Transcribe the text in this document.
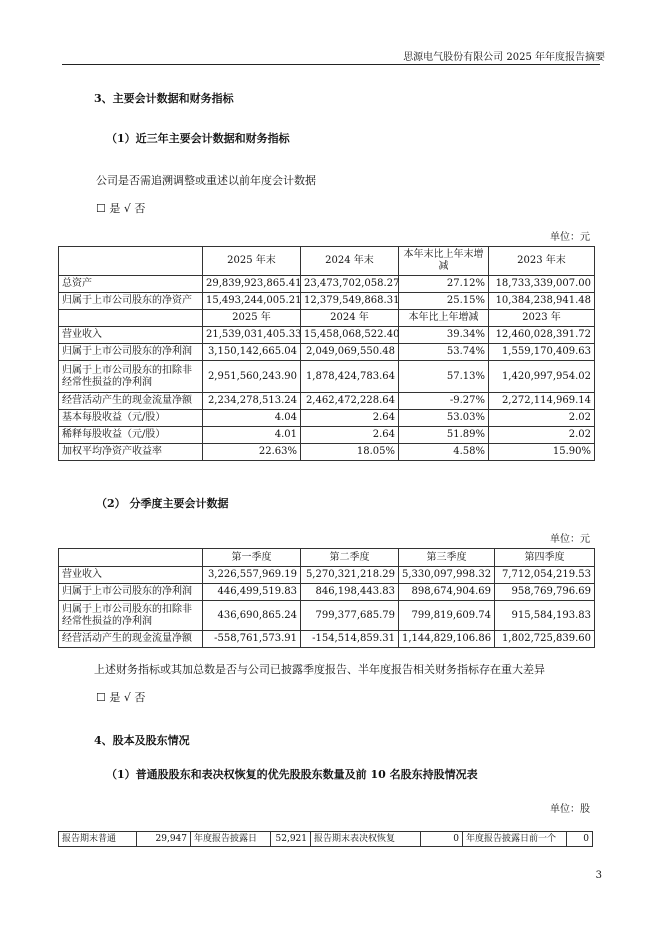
思源电气股份有限公司 2025 年年度报告摘要
3、主要会计数据和财务指标
（1）近三年主要会计数据和财务指标
公司是否需追溯调整或重述以前年度会计数据
☐ 是 √ 否
单位：元
	2025 年末	2024 年末	本年末比上年末增减	2023 年末
总资产	29,839,923,865.41	23,473,702,058.27	27.12%	18,733,339,007.00
归属于上市公司股东的净资产	15,493,244,005.21	12,379,549,868.31	25.15%	10,384,238,941.48
	2025 年	2024 年	本年比上年增减	2023 年
营业收入	21,539,031,405.33	15,458,068,522.40	39.34%	12,460,028,391.72
归属于上市公司股东的净利润	3,150,142,665.04	2,049,069,550.48	53.74%	1,559,170,409.63
归属于上市公司股东的扣除非经常性损益的净利润	2,951,560,243.90	1,878,424,783.64	57.13%	1,420,997,954.02
经营活动产生的现金流量净额	2,234,278,513.24	2,462,472,228.64	-9.27%	2,272,114,969.14
基本每股收益（元/股）	4.04	2.64	53.03%	2.02
稀释每股收益（元/股）	4.01	2.64	51.89%	2.02
加权平均净资产收益率	22.63%	18.05%	4.58%	15.90%
（2） 分季度主要会计数据
单位：元
	第一季度	第二季度	第三季度	第四季度
营业收入	3,226,557,969.19	5,270,321,218.29	5,330,097,998.32	7,712,054,219.53
归属于上市公司股东的净利润	446,499,519.83	846,198,443.83	898,674,904.69	958,769,796.69
归属于上市公司股东的扣除非经常性损益的净利润	436,690,865.24	799,377,685.79	799,819,609.74	915,584,193.83
经营活动产生的现金流量净额	-558,761,573.91	-154,514,859.31	1,144,829,106.86	1,802,725,839.60
上述财务指标或其加总数是否与公司已披露季度报告、半年度报告相关财务指标存在重大差异
☐ 是 √ 否
4、股本及股东情况
（1）普通股股东和表决权恢复的优先股股东数量及前 10 名股东持股情况表
单位：股
报告期末普通	29,947	年度报告披露日	52,921	报告期末表决权恢复	0	年度报告披露日前一个	0
3
